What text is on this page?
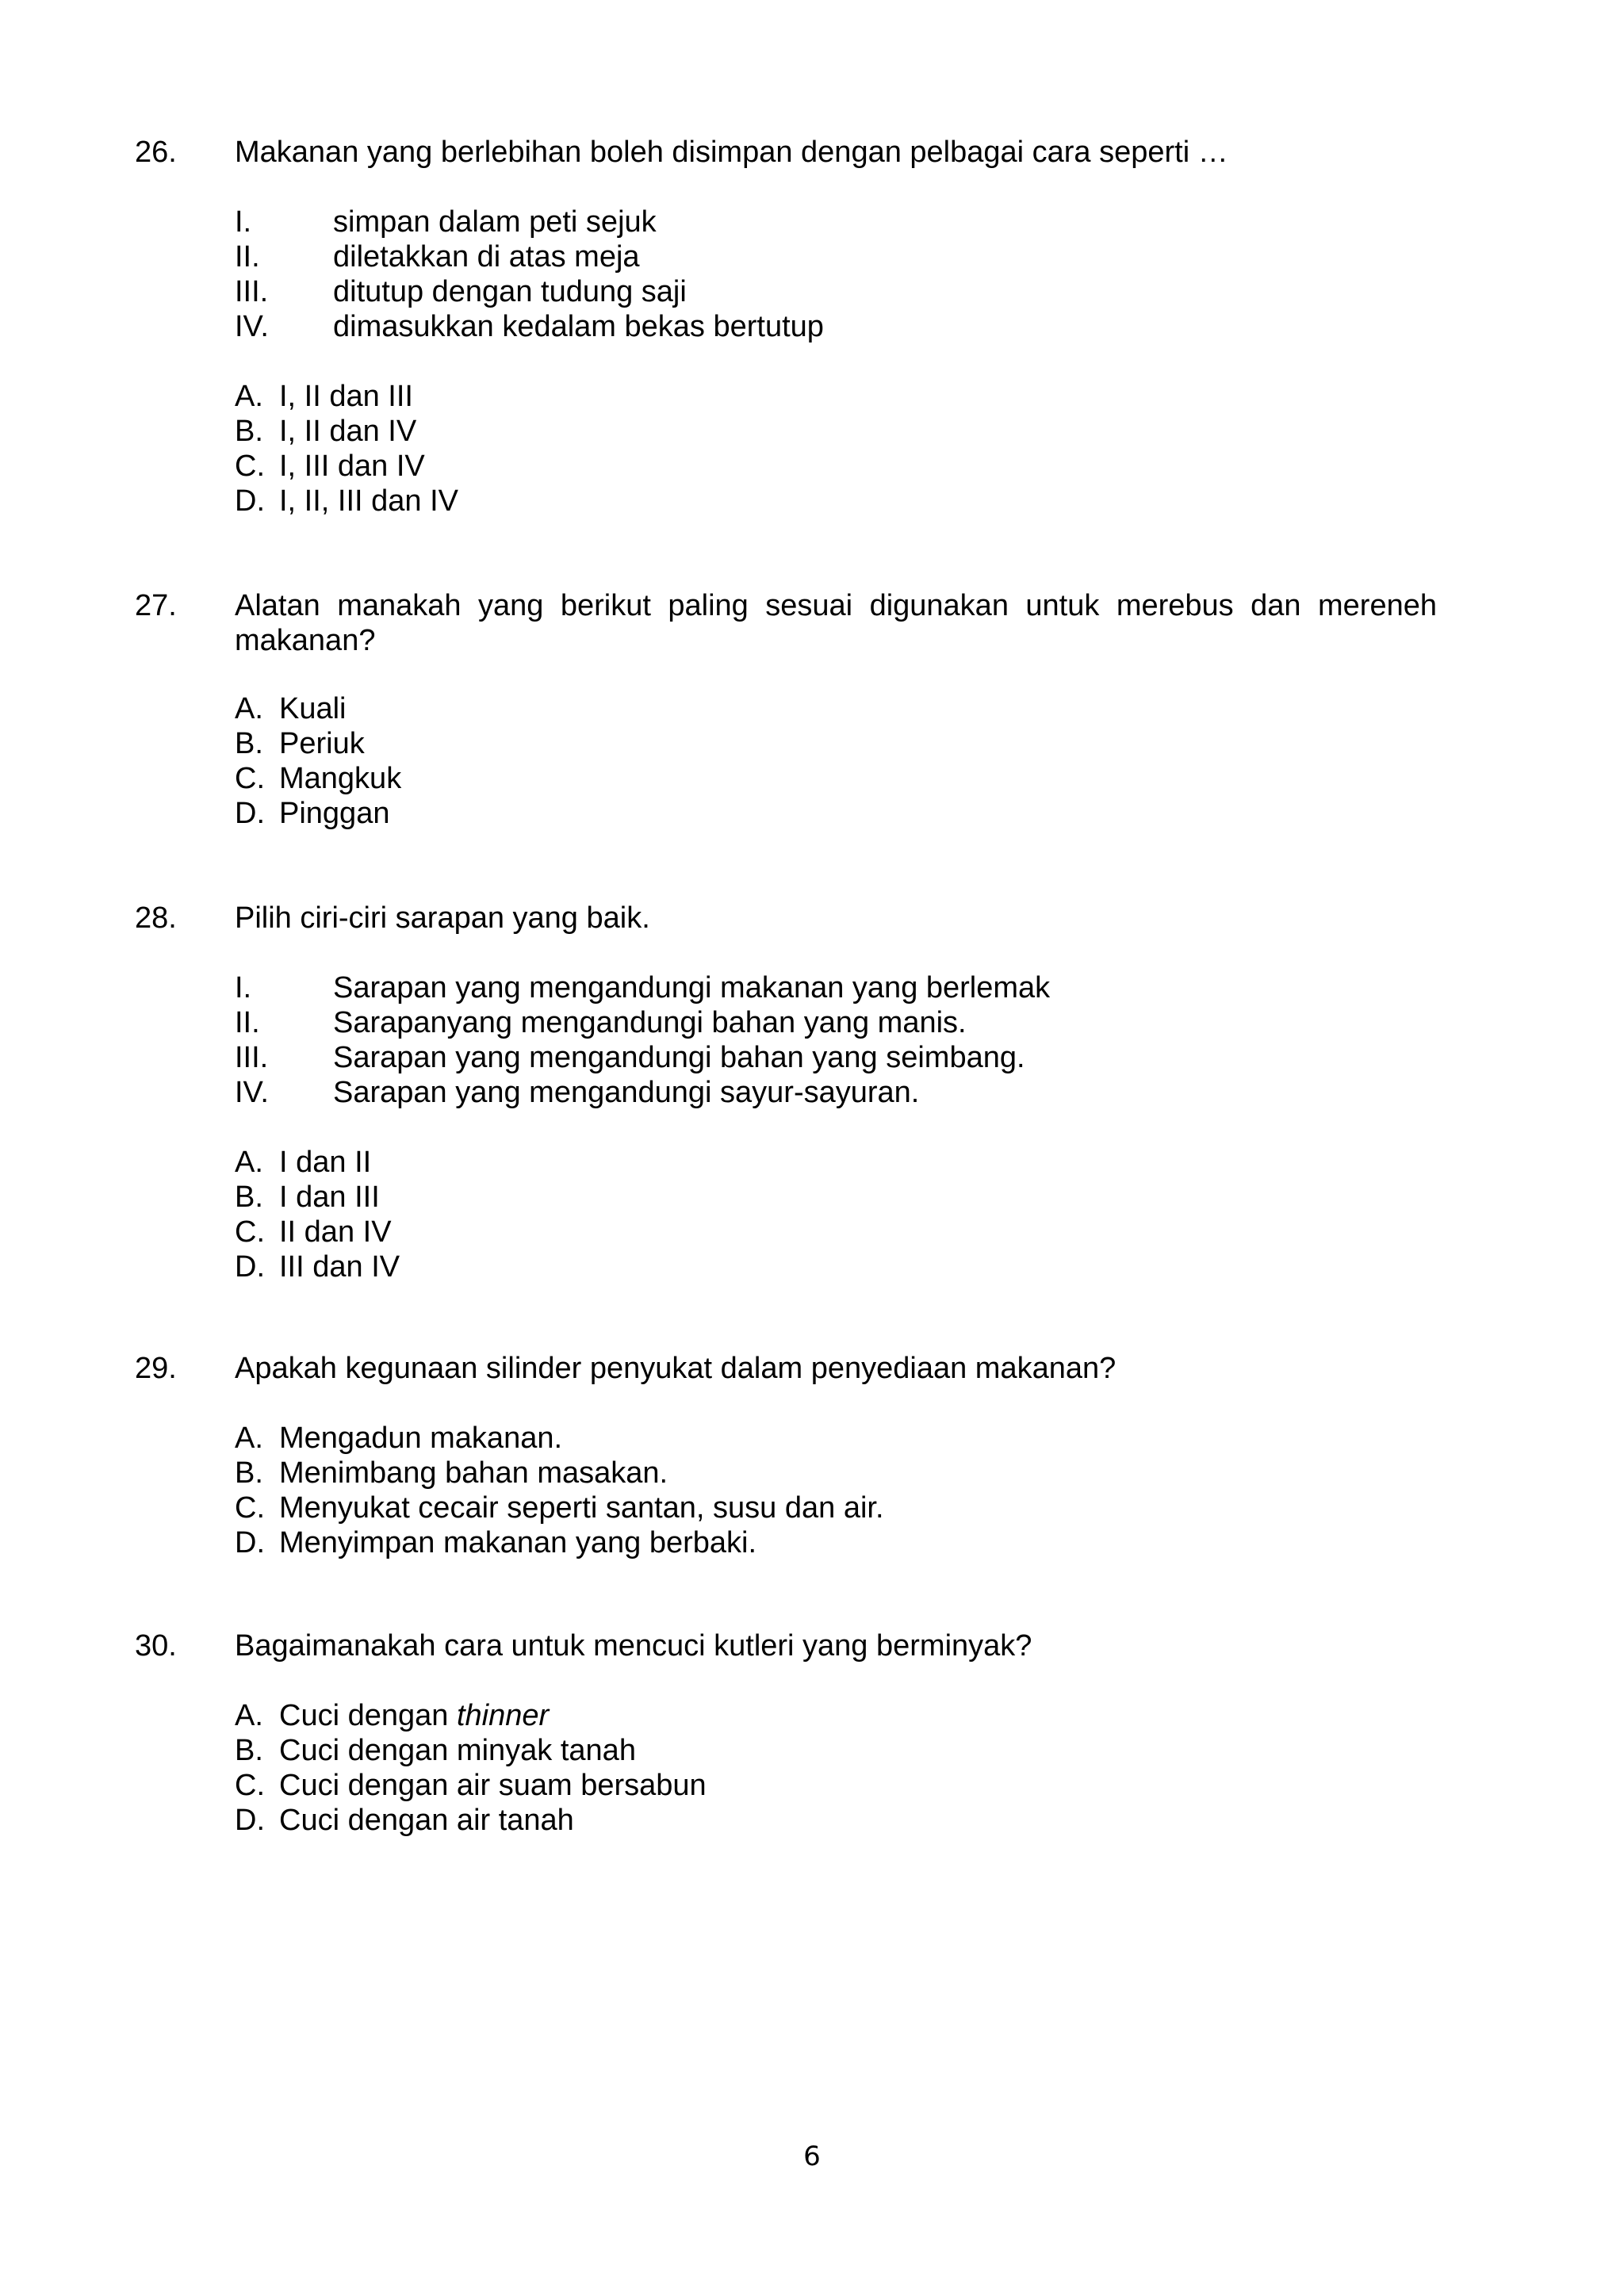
26.	Makanan yang berlebihan boleh disimpan dengan pelbagai cara seperti …
I.	simpan dalam peti sejuk
II.	diletakkan di atas meja
III.	ditutup dengan tudung saji
IV.	dimasukkan kedalam bekas bertutup
A. I, II dan III
B. I, II dan IV
C. I, III dan IV
D. I, II, III dan IV
27.	Alatan manakah yang berikut paling sesuai digunakan untuk merebus dan mereneh
makanan?
A. Kuali
B. Periuk
C. Mangkuk
D. Pinggan
28.	Pilih ciri-ciri sarapan yang baik.
I.	Sarapan yang mengandungi makanan yang berlemak
II.	Sarapanyang mengandungi bahan yang manis.
III.	Sarapan yang mengandungi bahan yang seimbang.
IV.	Sarapan yang mengandungi sayur-sayuran.
A. I dan II
B. I dan III
C. II dan IV
D. III dan IV
29.	Apakah kegunaan silinder penyukat dalam penyediaan makanan?
A. Mengadun makanan.
B. Menimbang bahan masakan.
C. Menyukat cecair seperti santan, susu dan air.
D. Menyimpan makanan yang berbaki.
30.	Bagaimanakah cara untuk mencuci kutleri yang berminyak?
A. Cuci dengan thinner
B. Cuci dengan minyak tanah
C. Cuci dengan air suam bersabun
D. Cuci dengan air tanah
6
